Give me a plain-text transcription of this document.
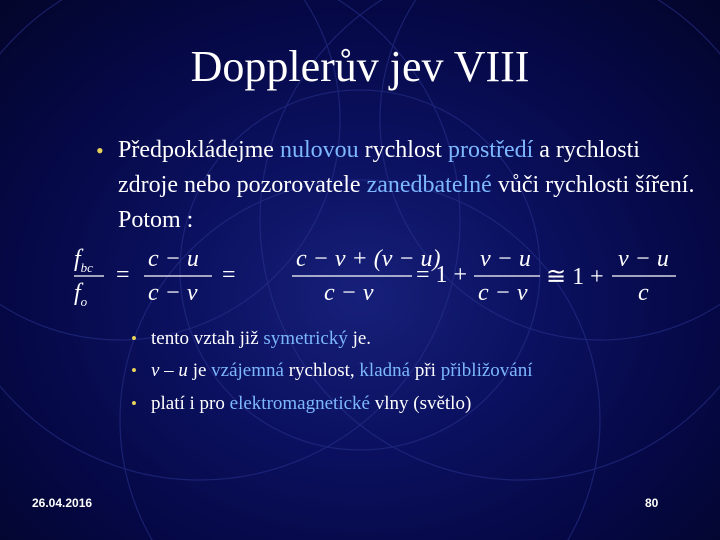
Dopplerův jev VIII
• Předpokládejme nulovou rychlost prostředí a rychlosti zdroje nebo pozorovatele zanedbatelné vůči rychlosti šíření. Potom :
$f_{bc}$
$f_o$
=
c − u
c − v
=
c − v + (v − u)
c − v
= 1 +
v − u
c − v
≅ 1 +
v − u
c
• tento vztah již symetrický je.
• v – u je vzájemná rychlost, kladná při přibližování
• platí i pro elektromagnetické vlny (světlo)
26.04.2016	80
